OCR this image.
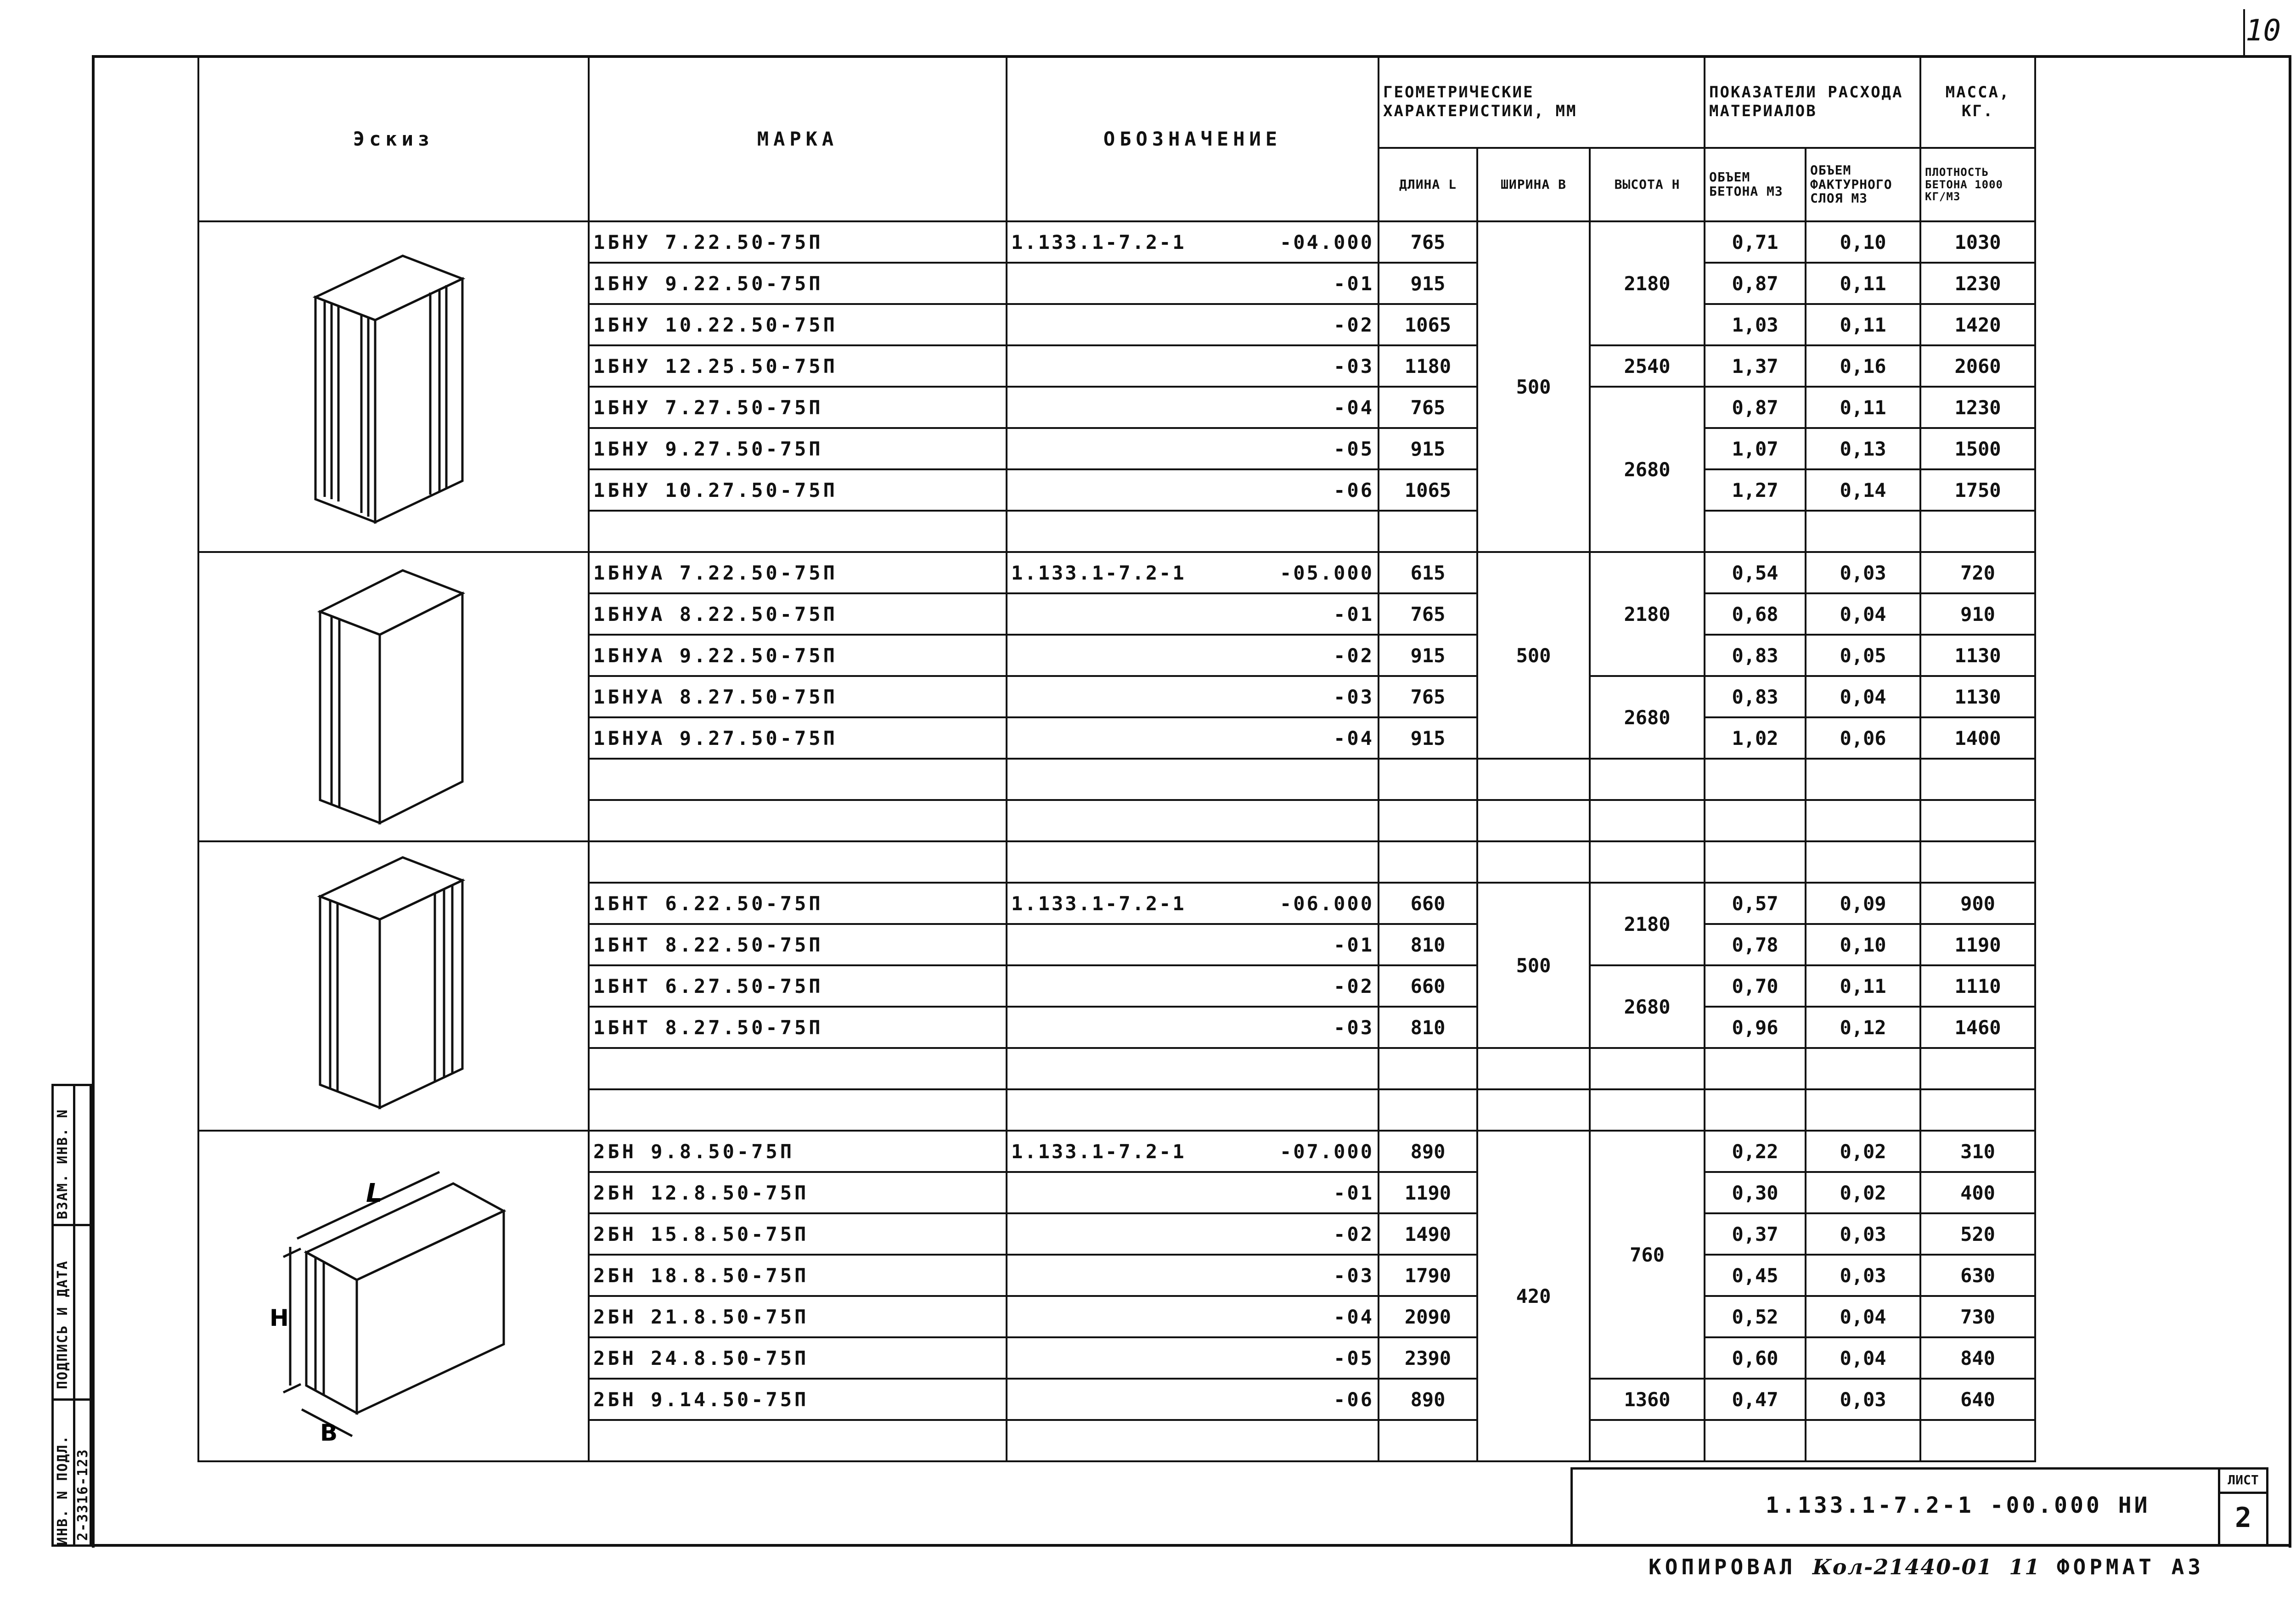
10
ИНВ. N ПОДЛ.
ПОДПИСЬ И ДАТА
ВЗАМ. ИНВ. N
2-3316-123
Эскиз	МАРКА	ОБОЗНАЧЕНИЕ	ГЕОМЕТРИЧЕСКИЕ ХАРАКТЕРИСТИКИ, ММ			ПОКАЗАТЕЛИ РАСХОДА МАТЕРИАЛОВ		МАССА, КГ.
			ДЛИНА L	ШИРИНА B	ВЫСОТА H	ОБЪЕМ БЕТОНА М3	ОБЪЕМ ФАКТУРНОГО СЛОЯ М3	ПЛОТНОСТЬ БЕТОНА 1000 КГ/М3
	1БНУ 7.22.50-75П	1.133.1-7.2-1 -04.000	765	500	2180	0,71	0,10	1030
	1БНУ 9.22.50-75П	-01	915			0,87	0,11	1230
	1БНУ 10.22.50-75П	-02	1065			1,03	0,11	1420
	1БНУ 12.25.50-75П	-03	1180		2540	1,37	0,16	2060
	1БНУ 7.27.50-75П	-04	765		2680	0,87	0,11	1230
	1БНУ 9.27.50-75П	-05	915			1,07	0,13	1500
	1БНУ 10.27.50-75П	-06	1065			1,27	0,14	1750

	1БНУА 7.22.50-75П	1.133.1-7.2-1 -05.000	615	500	2180	0,54	0,03	720
	1БНУА 8.22.50-75П	-01	765			0,68	0,04	910
	1БНУА 9.22.50-75П	-02	915			0,83	0,05	1130
	1БНУА 8.27.50-75П	-03	765		2680	0,83	0,04	1130
	1БНУА 9.27.50-75П	-04	915			1,02	0,06	1400

	1БНТ 6.22.50-75П	1.133.1-7.2-1 -06.000	660	500	2180	0,57	0,09	900
	1БНТ 8.22.50-75П	-01	810			0,78	0,10	1190
	1БНТ 6.27.50-75П	-02	660		2680	0,70	0,11	1110
	1БНТ 8.27.50-75П	-03	810			0,96	0,12	1460

L
H
B	2БН 9.8.50-75П	1.133.1-7.2-1 -07.000	890	420	760	0,22	0,02	310
	2БН 12.8.50-75П	-01	1190			0,30	0,02	400
	2БН 15.8.50-75П	-02	1490			0,37	0,03	520
	2БН 18.8.50-75П	-03	1790			0,45	0,03	630
	2БН 21.8.50-75П	-04	2090			0,52	0,04	730
	2БН 24.8.50-75П	-05	2390			0,60	0,04	840
	2БН 9.14.50-75П	-06	890		1360	0,47	0,03	640

1.133.1-7.2-1 -00.000 НИ
ЛИСТ
2
КОПИРОВАЛ Кол-21440-01 11 ФОРМАТ А3
